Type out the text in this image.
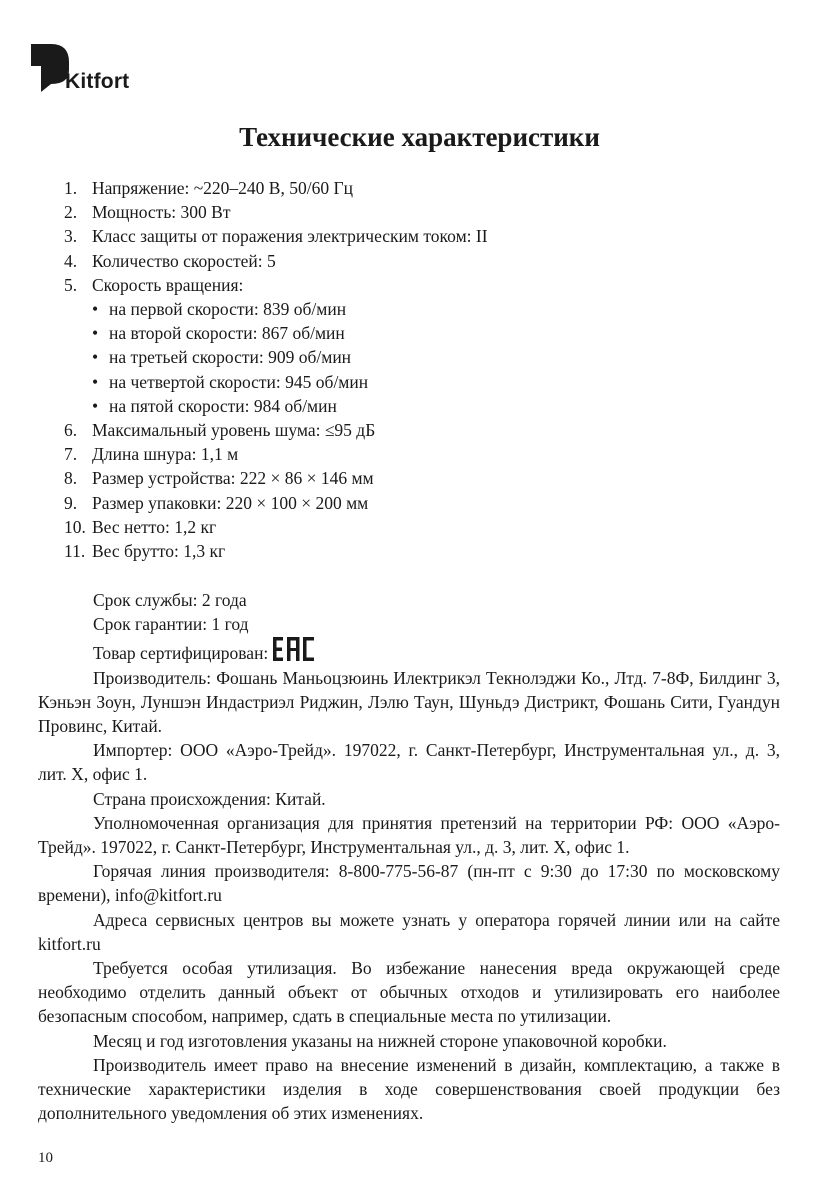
Kitfort
Технические характеристики
1. Напряжение: ~220–240 В, 50/60 Гц
2. Мощность: 300 Вт
3. Класс защиты от поражения электрическим током: II
4. Количество скоростей: 5
5. Скорость вращения:
• на первой скорости: 839 об/мин
• на второй скорости: 867 об/мин
• на третьей скорости: 909 об/мин
• на четвертой скорости: 945 об/мин
• на пятой скорости: 984 об/мин
6. Максимальный уровень шума: ≤95 дБ
7. Длина шнура: 1,1 м
8. Размер устройства: 222 × 86 × 146 мм
9. Размер упаковки: 220 × 100 × 200 мм
10. Вес нетто: 1,2 кг
11. Вес брутто: 1,3 кг

Срок службы: 2 года

Срок гарантии: 1 год

Товар сертифицирован:

Производитель: Фошань Маньоцзюинь Илектрикэл Текнолэджи Ко., Лтд. 7-8Ф, Билдинг 3, Кэньэн Зоун, Луншэн Индастриэл Риджин, Лэлю Таун, Шуньдэ Дистрикт, Фошань Сити, Гуандун Провинс, Китай.

Импортер: ООО «Аэро-Трейд». 197022, г. Санкт-Петербург, Инструментальная ул., д. 3, лит. Х, офис 1.

Страна происхождения: Китай.

Уполномоченная организация для принятия претензий на территории РФ: ООО «Аэро-Трейд». 197022, г. Санкт-Петербург, Инструментальная ул., д. 3, лит. Х, офис 1.

Горячая линия производителя: 8-800-775-56-87 (пн-пт с 9:30 до 17:30 по московскому времени), info@kitfort.ru

Адреса сервисных центров вы можете узнать у оператора горячей линии или на сайте kitfort.ru

Требуется особая утилизация. Во избежание нанесения вреда окружающей среде необходимо отделить данный объект от обычных отходов и утилизировать его наиболее безопасным способом, например, сдать в специальные места по утилизации.

Месяц и год изготовления указаны на нижней стороне упаковочной коробки.

Производитель имеет право на внесение изменений в дизайн, комплектацию, а также в технические характеристики изделия в ходе совершенствования своей продукции без дополнительного уведомления об этих изменениях.

10
